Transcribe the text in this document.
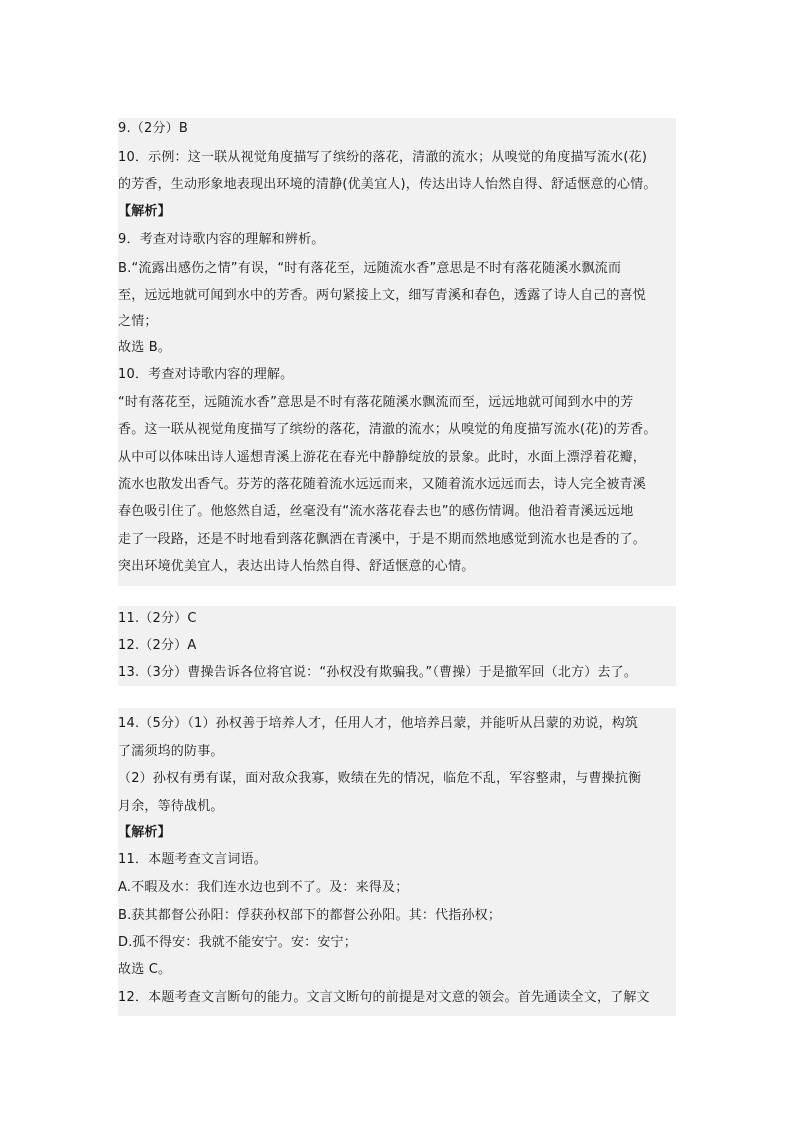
9.（2分）B
10．示例：这一联从视觉角度描写了缤纷的落花，清澈的流水；从嗅觉的角度描写流水(花)
的芳香，生动形象地表现出环境的清静(优美宜人)，传达出诗人怡然自得、舒适惬意的心情。
【解析】
9．考查对诗歌内容的理解和辨析。
B.“流露出感伤之情”有误，“时有落花至，远随流水香”意思是不时有落花随溪水飘流而
至，远远地就可闻到水中的芳香。两句紧接上文，细写青溪和春色，透露了诗人自己的喜悦
之情；
故选 B。
10．考查对诗歌内容的理解。
“时有落花至，远随流水香”意思是不时有落花随溪水飘流而至，远远地就可闻到水中的芳
香。这一联从视觉角度描写了缤纷的落花，清澈的流水；从嗅觉的角度描写流水(花)的芳香。
从中可以体味出诗人遥想青溪上游花在春光中静静绽放的景象。此时，水面上漂浮着花瓣，
流水也散发出香气。芬芳的落花随着流水远远而来，又随着流水远远而去，诗人完全被青溪
春色吸引住了。他悠然自适，丝毫没有“流水落花春去也”的感伤情调。他沿着青溪远远地
走了一段路，还是不时地看到落花飘洒在青溪中，于是不期而然地感觉到流水也是香的了。
突出环境优美宜人，表达出诗人怡然自得、舒适惬意的心情。
11.（2分）C
12.（2分）A
13.（3分）曹操告诉各位将官说：“孙权没有欺骗我。”（曹操）于是撤军回（北方）去了。
14.（5分）（1）孙权善于培养人才，任用人才，他培养吕蒙，并能听从吕蒙的劝说，构筑
了濡须坞的防事。
（2）孙权有勇有谋，面对敌众我寡，败绩在先的情况，临危不乱，军容整肃，与曹操抗衡
月余，等待战机。
【解析】
11．本题考查文言词语。
A.不暇及水：我们连水边也到不了。及：来得及；
B.获其都督公孙阳：俘获孙权部下的都督公孙阳。其：代指孙权；
D.孤不得安：我就不能安宁。安：安宁；
故选 C。
12．本题考查文言断句的能力。文言文断句的前提是对文意的领会。首先通读全文，了解文
